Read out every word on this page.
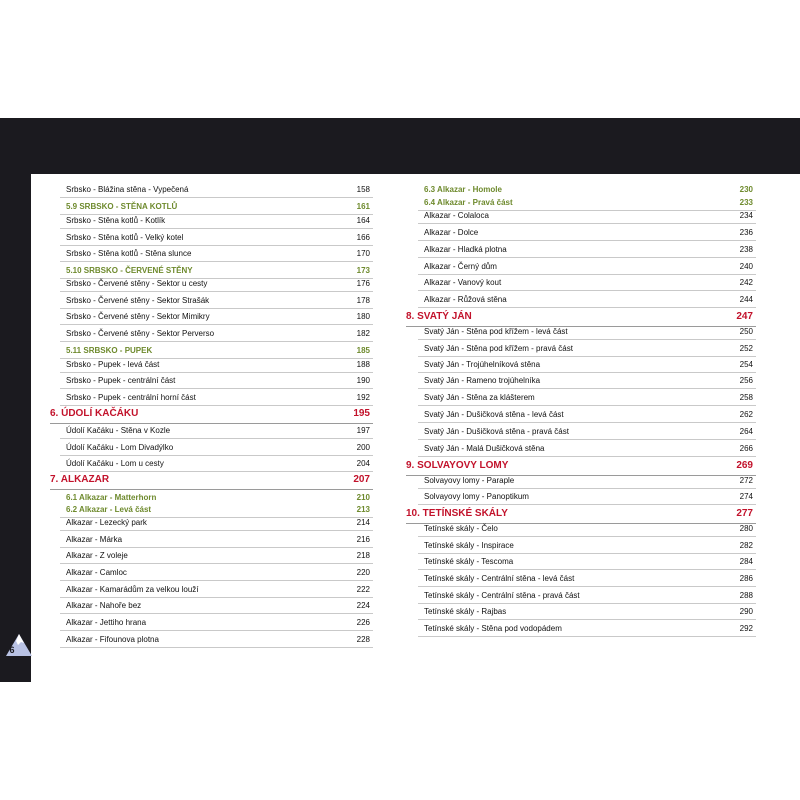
6
Srbsko - Blážina stěna - Vypečená	158
5.9 SRBSKO - STĚNA KOTLŮ	161
Srbsko - Stěna kotlů - Kotlík	164
Srbsko - Stěna kotlů - Velký kotel	166
Srbsko - Stěna kotlů - Stěna slunce	170
5.10 SRBSKO - ČERVENÉ STĚNY	173
Srbsko - Červené stěny - Sektor u cesty	176
Srbsko - Červené stěny - Sektor Strašák	178
Srbsko - Červené stěny - Sektor Mimikry	180
Srbsko - Červené stěny - Sektor Perverso	182
5.11 SRBSKO - PUPEK	185
Srbsko - Pupek - levá část	188
Srbsko - Pupek - centrální část	190
Srbsko - Pupek - centrální horní část	192
6. ÚDOLÍ KAČÁKU	195
Údolí Kačáku - Stěna v Kozle	197
Údolí Kačáku - Lom Divadýlko	200
Údolí Kačáku - Lom u cesty	204
7. ALKAZAR	207
6.1 Alkazar - Matterhorn	210
6.2 Alkazar - Levá část	213
Alkazar - Lezecký park	214
Alkazar - Márka	216
Alkazar - Z voleje	218
Alkazar - Camloc	220
Alkazar - Kamarádům za velkou louží	222
Alkazar - Nahoře bez	224
Alkazar - Jettiho hrana	226
Alkazar - Fifounova plotna	228
6.3 Alkazar - Homole	230
6.4 Alkazar - Pravá část	233
Alkazar - Colaloca	234
Alkazar - Dolce	236
Alkazar - Hladká plotna	238
Alkazar - Černý dům	240
Alkazar - Vanový kout	242
Alkazar - Růžová stěna	244
8. SVATÝ JÁN	247
Svatý Ján - Stěna pod křížem - levá část	250
Svatý Ján - Stěna pod křížem - pravá část	252
Svatý Ján - Trojúhelníková stěna	254
Svatý Ján - Rameno trojúhelníka	256
Svatý Ján - Stěna za klášterem	258
Svatý Ján - Dušičková stěna - levá část	262
Svatý Ján - Dušičková stěna - pravá část	264
Svatý Ján - Malá Dušičková stěna	266
9. SOLVAYOVY LOMY	269
Solvayovy lomy - Paraple	272
Solvayovy lomy - Panoptikum	274
10. TETÍNSKÉ SKÁLY	277
Tetínské skály - Čelo	280
Tetínské skály - Inspirace	282
Tetínské skály - Tescoma	284
Tetínské skály - Centrální stěna - levá část	286
Tetínské skály - Centrální stěna - pravá část	288
Tetínské skály - Rajbas	290
Tetínské skály - Stěna pod vodopádem	292
